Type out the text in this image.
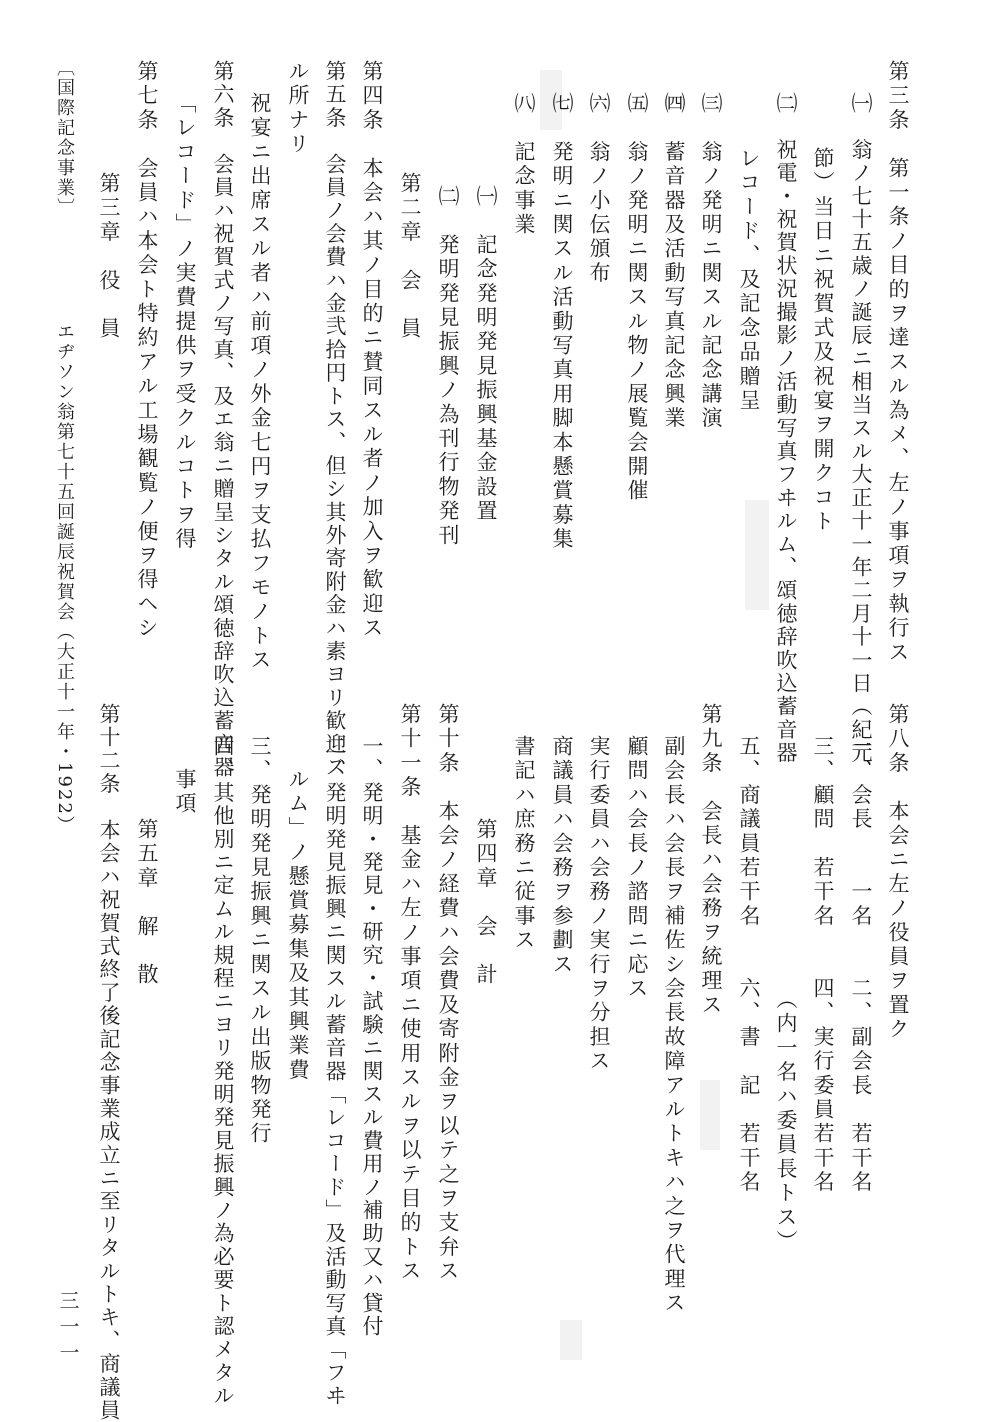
第三条　第一条ノ目的ヲ達スル為メ、左ノ事項ヲ執行ス
㈠　翁ノ七十五歳ノ誕辰ニ相当スル大正十一年二月十一日（紀元
節）当日ニ祝賀式及祝宴ヲ開クコト
㈡　祝電・祝賀状況撮影ノ活動写真フヰルム、頌徳辞吹込蓄音器
レコード、及記念品贈呈
㈢　翁ノ発明ニ関スル記念講演
㈣　蓄音器及活動写真記念興業
㈤　翁ノ発明ニ関スル物ノ展覧会開催
㈥　翁ノ小伝頒布
㈦　発明ニ関スル活動写真用脚本懸賞募集
㈧　記念事業
㈠　記念発明発見振興基金設置
㈡　発明発見振興ノ為刊行物発刊
第二章　会　員
第四条　本会ハ其ノ目的ニ賛同スル者ノ加入ヲ歓迎ス
第五条　会員ノ会費ハ金弐拾円トス、但シ其外寄附金ハ素ヨリ歓迎ス
ル所ナリ
祝宴ニ出席スル者ハ前項ノ外金七円ヲ支払フモノトス
第六条　会員ハ祝賀式ノ写真、及エ翁ニ贈呈シタル頌徳辞吹込蓄音器
「レコード」ノ実費提供ヲ受クルコトヲ得
第七条　会員ハ本会ト特約アル工場観覧ノ便ヲ得ヘシ
第三章　役　員
〔国際記念事業〕
エヂソン翁第七十五回誕辰祝賀会（大正十一年・1922）
第八条　本会ニ左ノ役員ヲ置ク
一、会長　　一名　　二、副会長　若干名
三、顧問　若干名　　四、実行委員若干名
（内一名ハ委員長トス）
五、商議員若干名　　六、書　記　若干名
第九条　会長ハ会務ヲ統理ス
副会長ハ会長ヲ補佐シ会長故障アルトキハ之ヲ代理ス
顧問ハ会長ノ諮問ニ応ス
実行委員ハ会務ノ実行ヲ分担ス
商議員ハ会務ヲ参劃ス
書記ハ庶務ニ従事ス
第四章　会　計
第十条　本会ノ経費ハ会費及寄附金ヲ以テ之ヲ支弁ス
第十一条　基金ハ左ノ事項ニ使用スルヲ以テ目的トス
一、発明・発見・研究・試験ニ関スル費用ノ補助又ハ貸付
二、発明発見振興ニ関スル蓄音器「レコード」及活動写真「フヰ
ルム」ノ懸賞募集及其興業費
三、発明発見振興ニ関スル出版物発行
四、其他別ニ定ムル規程ニヨリ発明発見振興ノ為必要ト認メタル
事項
第五章　解　散
第十二条　本会ハ祝賀式終了後記念事業成立ニ至リタルトキ、商議員
三一一
